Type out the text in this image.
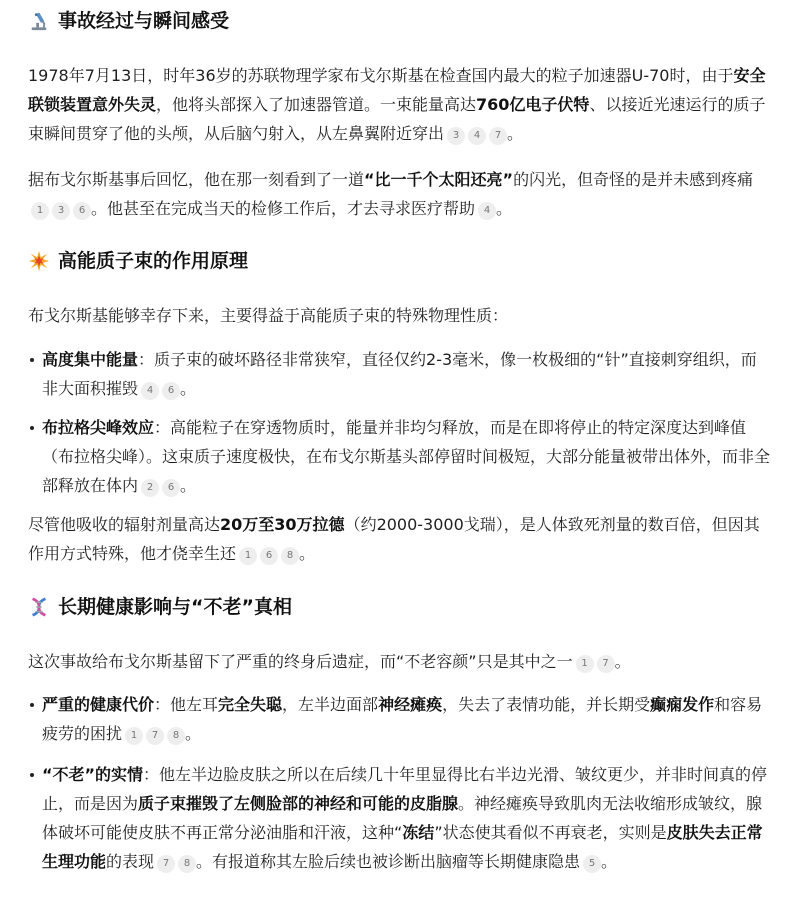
事故经过与瞬间感受

1978年7月13日，时年36岁的苏联物理学家布戈尔斯基在检查国内最大的粒子加速器U-70时，由于安全联锁装置意外失灵，他将头部探入了加速器管道。一束能量高达760亿电子伏特、以接近光速运行的质子束瞬间贯穿了他的头颅，从后脑勺射入，从左鼻翼附近穿出 3 4 7 。

据布戈尔斯基事后回忆，他在那一刻看到了一道“比一千个太阳还亮”的闪光，但奇怪的是并未感到疼痛1 3 6 。他甚至在完成当天的检修工作后，才去寻求医疗帮助 4 。

高能质子束的作用原理

布戈尔斯基能够幸存下来，主要得益于高能质子束的特殊物理性质：

高度集中能量：质子束的破坏路径非常狭窄，直径仅约2-3毫米，像一枚极细的“针”直接刺穿组织，而非大面积摧毁 4 6 。
布拉格尖峰效应：高能粒子在穿透物质时，能量并非均匀释放，而是在即将停止的特定深度达到峰值（布拉格尖峰）。这束质子速度极快，在布戈尔斯基头部停留时间极短，大部分能量被带出体外，而非全部释放在体内 2 6 。

尽管他吸收的辐射剂量高达20万至30万拉德（约2000-3000戈瑞），是人体致死剂量的数百倍，但因其作用方式特殊，他才侥幸生还 1 6 8 。

长期健康影响与“不老”真相

这次事故给布戈尔斯基留下了严重的终身后遗症，而“不老容颜”只是其中之一 1 7 。

严重的健康代价：他左耳完全失聪，左半边面部神经瘫痪，失去了表情功能，并长期受癫痫发作和容易疲劳的困扰 1 7 8 。
“不老”的实情：他左半边脸皮肤之所以在后续几十年里显得比右半边光滑、皱纹更少，并非时间真的停止，而是因为质子束摧毁了左侧脸部的神经和可能的皮脂腺。神经瘫痪导致肌肉无法收缩形成皱纹，腺体破坏可能使皮肤不再正常分泌油脂和汗液，这种“冻结”状态使其看似不再衰老，实则是皮肤失去正常生理功能的表现 7 8 。有报道称其左脸后续也被诊断出脑瘤等长期健康隐患 5 。
